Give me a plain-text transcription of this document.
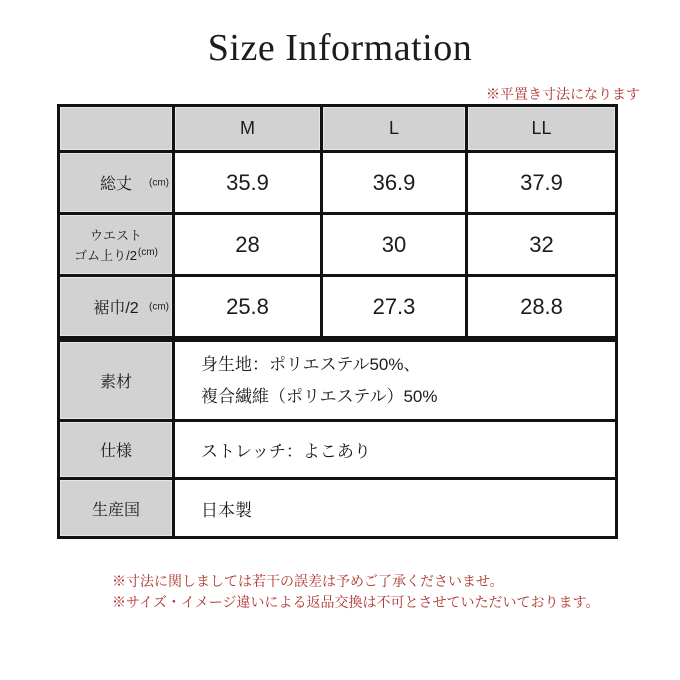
Size Information
※平置き寸法になります
	M	L	LL
総丈 (cm)	35.9	36.9	37.9
ウエスト
ゴム上り$/2^{(cm)}$	28	30	32
裾巾/2 (cm)	25.8	27.3	28.8
素材	身生地：ポリエステル50%、
複合繊維（ポリエステル）50%

仕様	ストレッチ：よこあり
生産国	日本製
※寸法に関しましては若干の誤差は予めご了承くださいませ。
※サイズ・イメージ違いによる返品交換は不可とさせていただいております。
